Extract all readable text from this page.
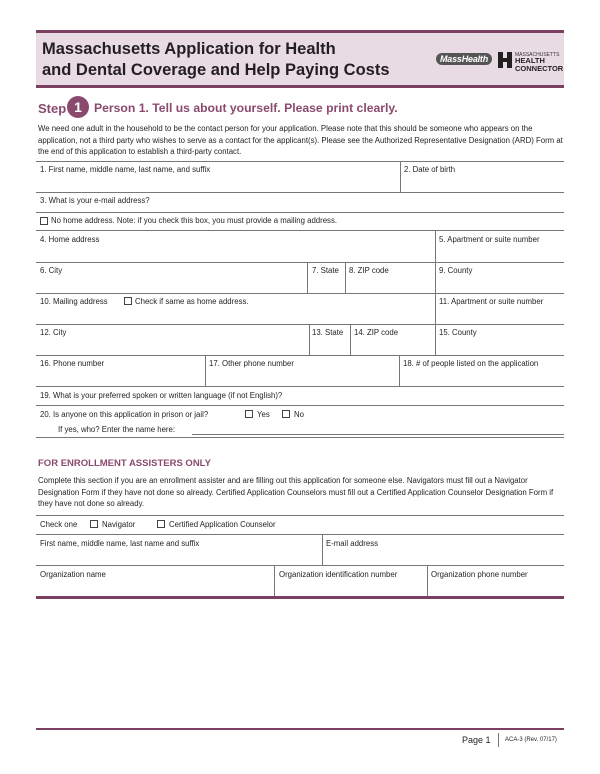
Massachusetts Application for Health
and Dental Coverage and Help Paying Costs
MassHealth	MASSACHUSETTS
HEALTH
CONNECTOR
Step 1 Person 1. Tell us about yourself. Please print clearly.
We need one adult in the household to be the contact person for your application. Please note that this should be someone who appears on the application, not a third party who wishes to serve as a contact for the applicant(s). Please see the Authorized Representative Designation (ARD) Form at the end of this application to establish a third-party contact.
1. First name, middle name, last name, and suffix	2. Date of birth
3. What is your e-mail address?
No home address. Note: if you check this box, you must provide a mailing address.
4. Home address	5. Apartment or suite number
6. City	7. State 8. ZIP code	9. County
10. Mailing address	Check if same as home address.	11. Apartment or suite number
12. City	13. State 14. ZIP code	15. County
16. Phone number	17. Other phone number	18. # of people listed on the application
19. What is your preferred spoken or written language (if not English)?
20. Is anyone on this application in prison or jail?	Yes	No
If yes, who? Enter the name here:
FOR ENROLLMENT ASSISTERS ONLY
Complete this section if you are an enrollment assister and are filling out this application for someone else. Navigators must fill out a Navigator Designation Form if they have not done so already. Certified Application Counselors must fill out a Certified Application Counselor Designation Form if they have not done so already.
Check one	Navigator	Certified Application Counselor
First name, middle name, last name and suffix	E-mail address
Organization name	Organization identification number	Organization phone number
Page 1 ACA-3 (Rev. 07/17)
